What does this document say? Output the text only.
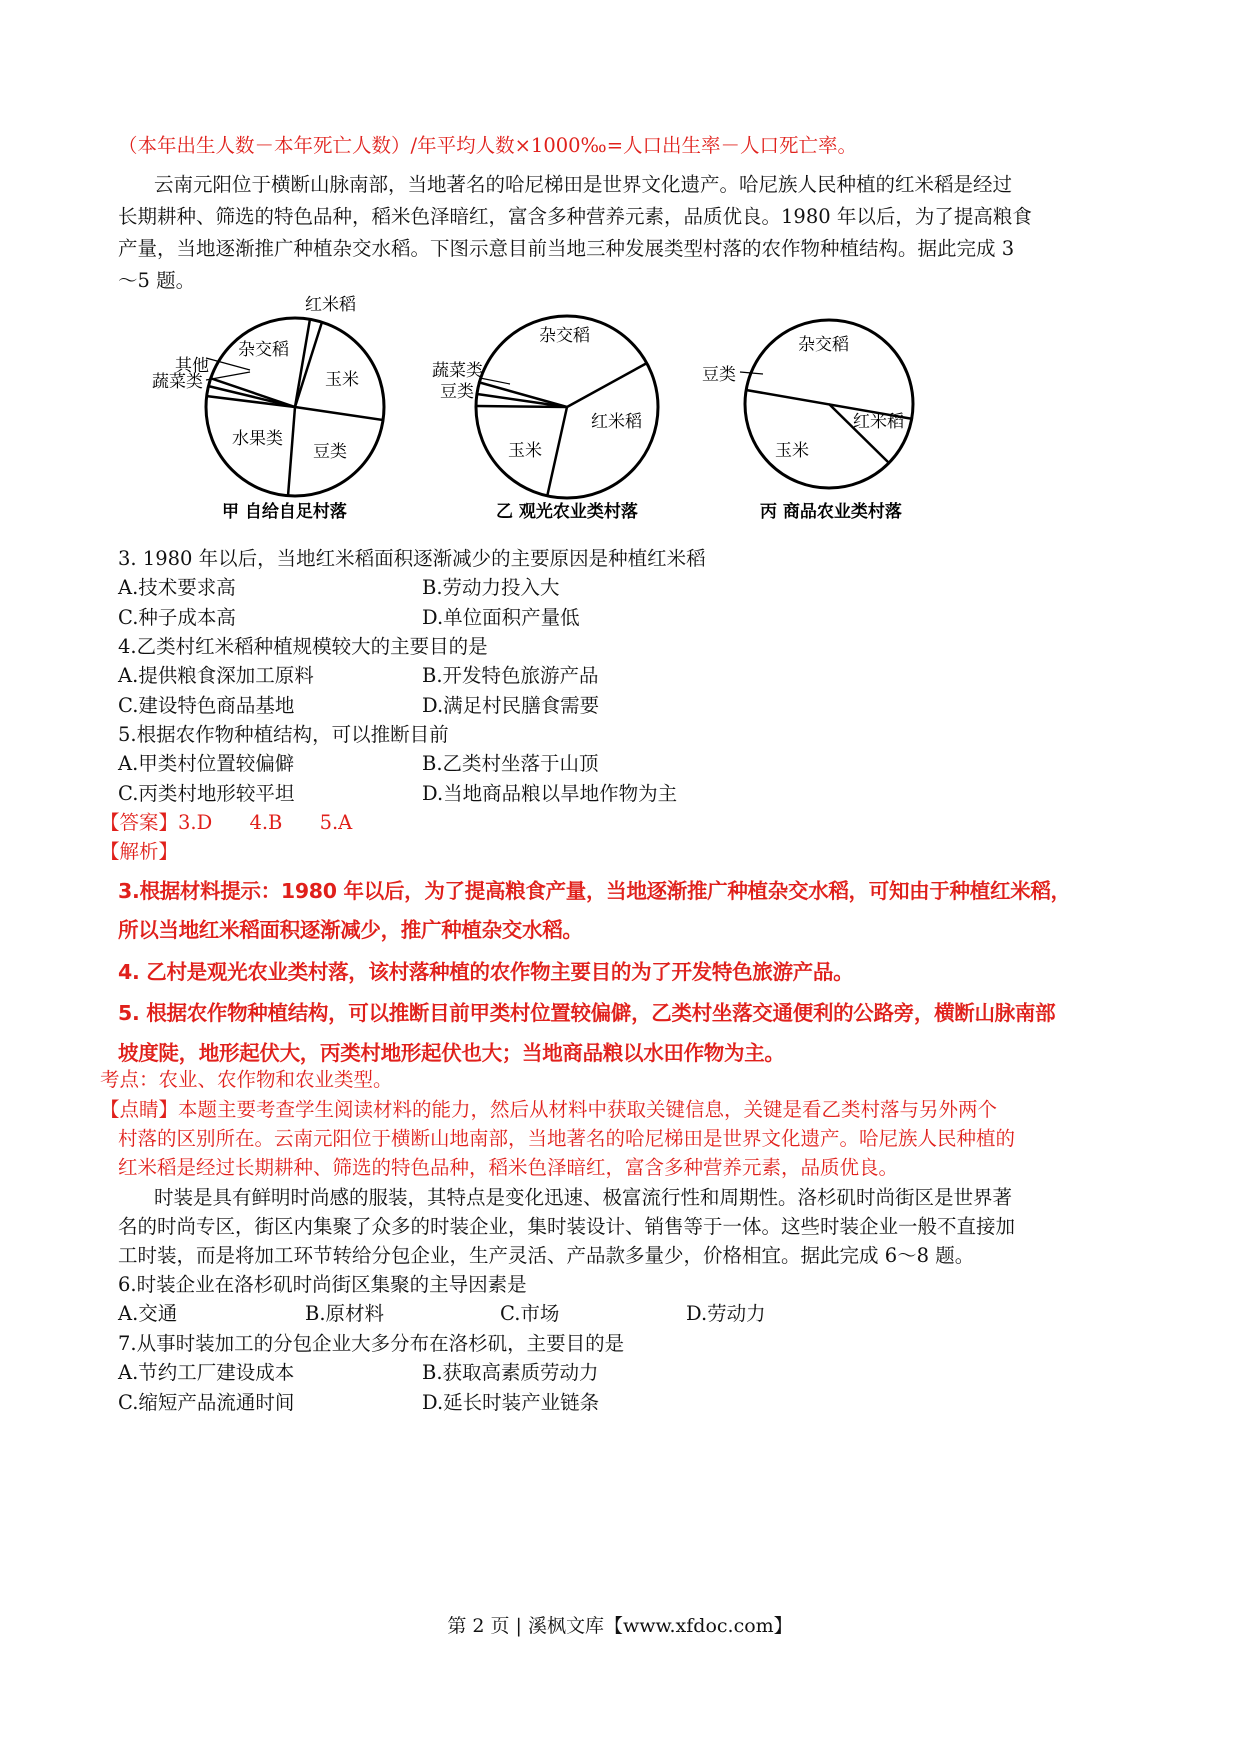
（本年出生人数－本年死亡人数）/年平均人数×1000‰=人口出生率－人口死亡率。
云南元阳位于横断山脉南部，当地著名的哈尼梯田是世界文化遗产。哈尼族人民种植的红米稻是经过
长期耕种、筛选的特色品种，稻米色泽暗红，富含多种营养元素，品质优良。1980 年以后，为了提高粮食
产量，当地逐渐推广种植杂交水稻。下图示意目前当地三种发展类型村落的农作物种植结构。据此完成 3
～5 题。
红米稻
杂交稻
其他
蔬菜类	玉米
水果类
豆类
甲 自给自足村落
杂交稻
蔬菜类
豆类
红米稻
玉米
乙 观光农业类村落
杂交稻
豆类
红米稻
玉米
丙 商品农业类村落
3. 1980 年以后，当地红米稻面积逐渐减少的主要原因是种植红米稻
A.技术要求高	B.劳动力投入大
C.种子成本高	D.单位面积产量低
4.乙类村红米稻种植规模较大的主要目的是
A.提供粮食深加工原料	B.开发特色旅游产品
C.建设特色商品基地	D.满足村民膳食需要
5.根据农作物种植结构，可以推断目前
A.甲类村位置较偏僻	B.乙类村坐落于山顶
C.丙类村地形较平坦	D.当地商品粮以旱地作物为主
【答案】3.D      4.B      5.A
【解析】
3.根据材料提示：1980 年以后，为了提高粮食产量，当地逐渐推广种植杂交水稻，可知由于种植红米稻，
所以当地红米稻面积逐渐减少，推广种植杂交水稻。
4. 乙村是观光农业类村落，该村落种植的农作物主要目的为了开发特色旅游产品。
5. 根据农作物种植结构，可以推断目前甲类村位置较偏僻，乙类村坐落交通便利的公路旁，横断山脉南部
坡度陡，地形起伏大，丙类村地形起伏也大；当地商品粮以水田作物为主。
考点：农业、农作物和农业类型。
【点睛】本题主要考查学生阅读材料的能力，然后从材料中获取关键信息，关键是看乙类村落与另外两个
村落的区别所在。云南元阳位于横断山地南部，当地著名的哈尼梯田是世界文化遗产。哈尼族人民种植的
红米稻是经过长期耕种、筛选的特色品种，稻米色泽暗红，富含多种营养元素，品质优良。
时装是具有鲜明时尚感的服装，其特点是变化迅速、极富流行性和周期性。洛杉矶时尚街区是世界著
名的时尚专区，街区内集聚了众多的时装企业，集时装设计、销售等于一体。这些时装企业一般不直接加
工时装，而是将加工环节转给分包企业，生产灵活、产品款多量少，价格相宜。据此完成 6～8 题。
6.时装企业在洛杉矶时尚街区集聚的主导因素是
A.交通	B.原材料	C.市场	D.劳动力
7.从事时装加工的分包企业大多分布在洛杉矶，主要目的是
A.节约工厂建设成本	B.获取高素质劳动力
C.缩短产品流通时间	D.延长时装产业链条
第 2 页 | 溪枫文库【www.xfdoc.com】
